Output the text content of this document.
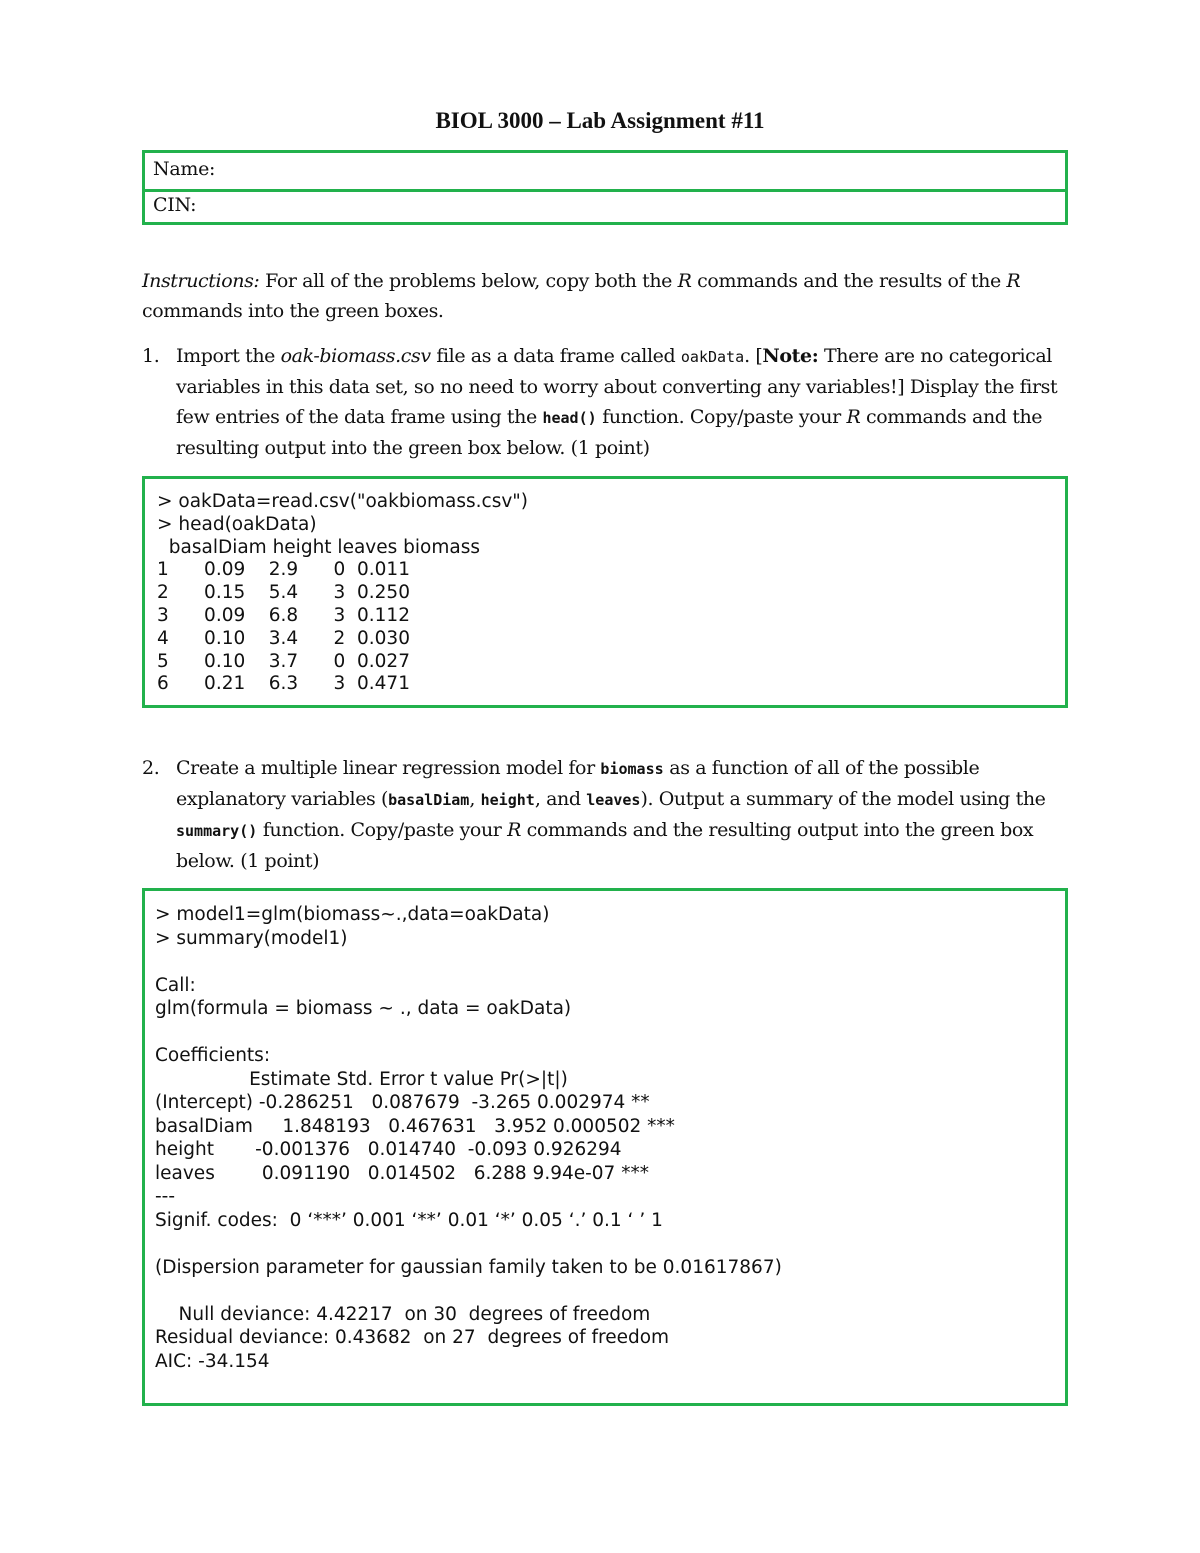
BIOL 3000 – Lab Assignment #11
Name:
CIN:
Instructions: For all of the problems below, copy both the R commands and the results of the R commands into the green boxes.
1. Import the oak-biomass.csv file as a data frame called oakData. [Note: There are no categorical variables in this data set, so no need to worry about converting any variables!] Display the first few entries of the data frame using the head() function. Copy/paste your R commands and the resulting output into the green box below. (1 point)
> oakData=read.csv("oakbiomass.csv")
> head(oakData)
basalDiam height leaves biomass
1      0.09    2.9      0  0.011
2      0.15    5.4      3  0.250
3      0.09    6.8      3  0.112
4      0.10    3.4      2  0.030
5      0.10    3.7      0  0.027
6      0.21    6.3      3  0.471
2. Create a multiple linear regression model for biomass as a function of all of the possible explanatory variables (basalDiam, height, and leaves). Output a summary of the model using the summary() function. Copy/paste your R commands and the resulting output into the green box below. (1 point)
> model1=glm(biomass~.,data=oakData)
> summary(model1)

Call:
glm(formula = biomass ~ ., data = oakData)

Coefficients:
Estimate Std. Error t value Pr(>|t|)
(Intercept) -0.286251   0.087679  -3.265 0.002974 **
basalDiam     1.848193   0.467631   3.952 0.000502 ***
height       -0.001376   0.014740  -0.093 0.926294
leaves        0.091190   0.014502   6.288 9.94e-07 ***
---
Signif. codes:  0 ‘***’ 0.001 ‘**’ 0.01 ‘*’ 0.05 ‘.’ 0.1 ‘ ’ 1

(Dispersion parameter for gaussian family taken to be 0.01617867)

Null deviance: 4.42217  on 30  degrees of freedom
Residual deviance: 0.43682  on 27  degrees of freedom
AIC: -34.154
